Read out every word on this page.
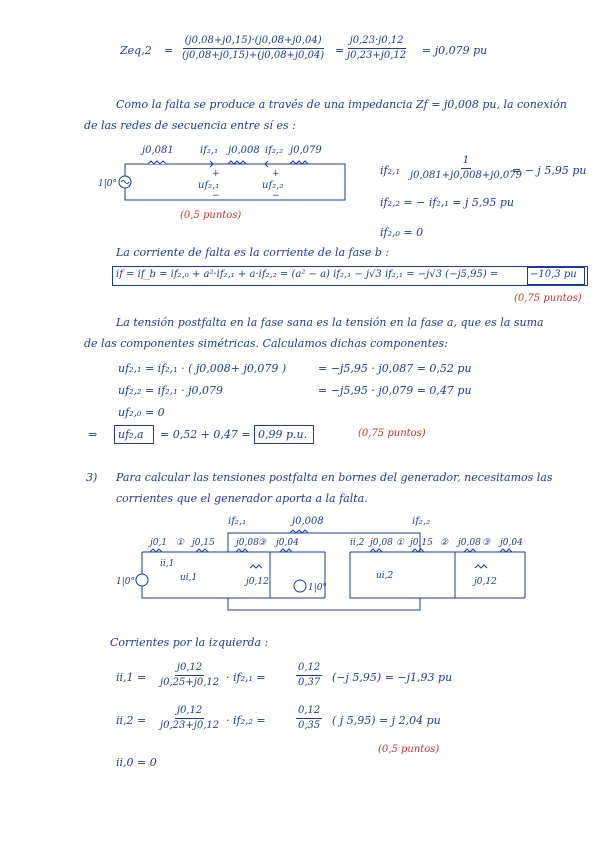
$Zeq,2 = \frac{(j0,08+j0,15)\cdot(j0,08+j0,04)}{(j0,08+j0,15)+(j0,08+j0,04)} = \frac{j0,23\cdot j0,12}{j0,23+j0,12} = j0,079$ pu
Como la falta se produce a través de una impedancia Zf = j0,008 pu, la conexión
de las redes de secuencia entre sí es :
j0,081	if₂,₁ j0,008 if₂,₂ j0,079
1|0°
+
uf₂,₁
−
+
uf₂,₂
−
(0,5 puntos)
$if_2,_1 \frac{1}{j0,081+j0,008+j0,079}$
= − j 5,95 pu
if₂,₂ = − if₂,₁ = j 5,95 pu
if₂,₀ = 0
La corriente de falta es la corriente de la fase b :
if = if_b = if₂,₀ + a²·if₂,₁ + a·if₂,₂ = (a² − a) if₂,₁ − j√3 if₂,₁ = −j√3 (−j5,95) =	−10,3 pu
(0,75 puntos)
La tensión postfalta en la fase sana es la tensión en la fase a, que es la suma
de las componentes simétricas. Calculamos dichas componentes:
uf₂,₁ = if₂,₁ · ( j0,008+ j0,079 )	= −j5,95 · j0,087 = 0,52 pu
uf₂,₂ = if₂,₁ · j0,079	= −j5,95 · j0,079 = 0,47 pu
uf₂,₀ = 0
⇒ uf₂,a = 0,52 + 0,47 = 0,99 p.u.	(0,75 puntos)
3) Para calcular las tensiones postfalta en bornes del generador, necesitamos las
corrientes que el generador aporta a la falta.
if₂,₁	j0,008	if₂,₂
j0,1 ① j0,15 j0,08 ③ j0,04
j0,12
ii,1
ui,1
1|0°
1|0°
ii,2 j0,08 ① j0,15 ② j0,08 ③ j0,04
j0,12
ui,2
Corrientes por la izquierda :
$ii,1 = \frac{j0,12}{j0,25+j0,12} \cdot if_2,_1$ =	$\frac{0,12}{0,37} (-j$ 5,95) = −j1,93 pu
$ii,2 = \frac{j0,12}{j0,23+j0,12} \cdot if_2,_2$ =	$\frac{0,12}{0,35}$ ( j 5,95) = j 2,04 pu
(0,5 puntos)
ii,0 = 0
